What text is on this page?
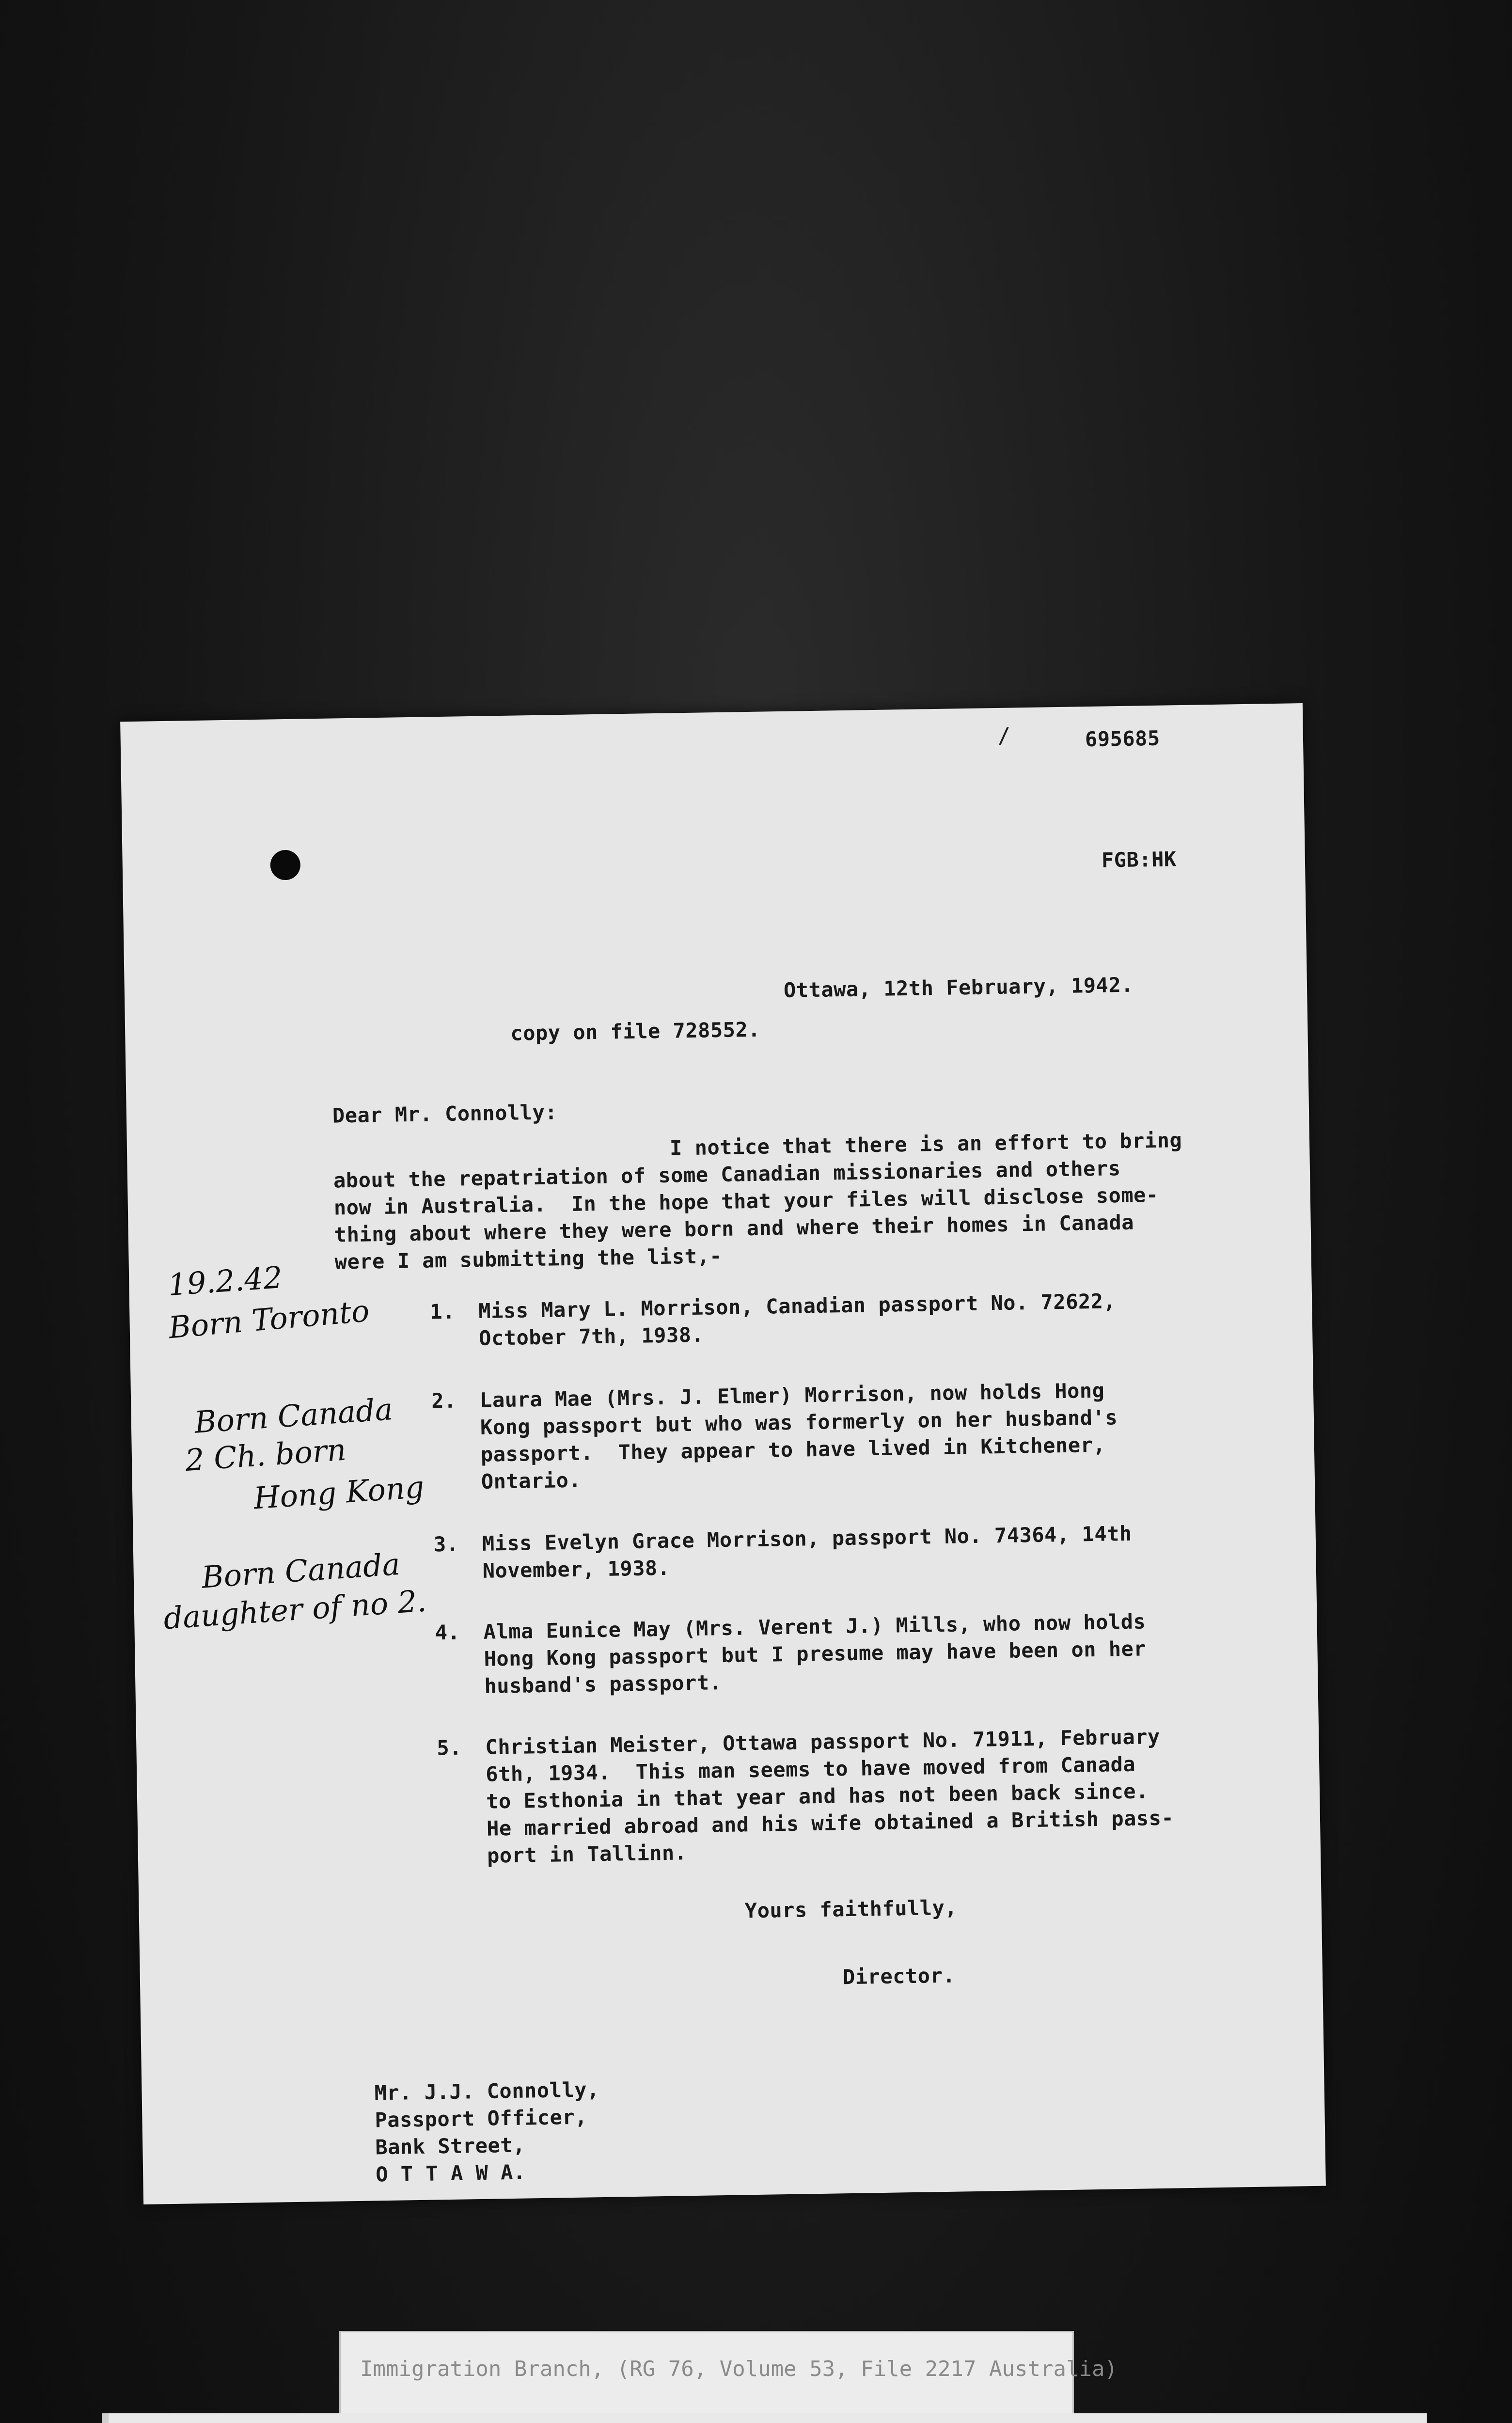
/	695685

FGB:HK

Ottawa, 12th February, 1942.

copy on file 728552.

Dear Mr. Connolly:

I notice that there is an effort to bring

about the repatriation of some Canadian missionaries and others

now in Australia.  In the hope that your files will disclose some-

thing about where they were born and where their homes in Canada

were I am submitting the list,-

1. Miss Mary L. Morrison, Canadian passport No. 72622,

October 7th, 1938.

2. Laura Mae (Mrs. J. Elmer) Morrison, now holds Hong

Kong passport but who was formerly on her husband's

passport.  They appear to have lived in Kitchener,

Ontario.

3. Miss Evelyn Grace Morrison, passport No. 74364, 14th

November, 1938.

4. Alma Eunice May (Mrs. Verent J.) Mills, who now holds

Hong Kong passport but I presume may have been on her

husband's passport.

5. Christian Meister, Ottawa passport No. 71911, February

6th, 1934.  This man seems to have moved from Canada

to Esthonia in that year and has not been back since.

He married abroad and his wife obtained a British pass-

port in Tallinn.

Yours faithfully,

Director.

Mr. J.J. Connolly,

Passport Officer,

Bank Street,

O T T A W A.

19.2.42

Born Toronto

Born Canada

2 Ch. born

Hong Kong

Born Canada

daughter of no 2.

Immigration Branch, (RG 76, Volume 53, File 2217 Australia)
